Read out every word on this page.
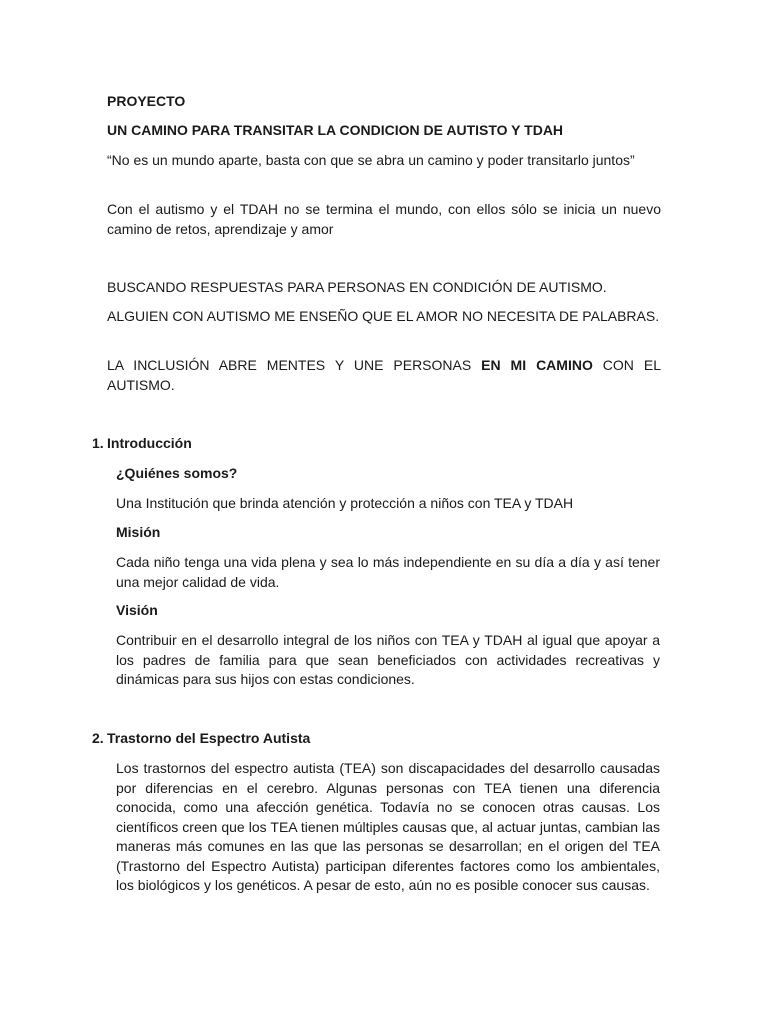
PROYECTO

UN CAMINO PARA TRANSITAR LA CONDICION DE AUTISTO Y TDAH

“No es un mundo aparte, basta con que se abra un camino y poder transitarlo juntos”

Con el autismo y el TDAH no se termina el mundo, con ellos sólo se inicia un nuevo camino de retos, aprendizaje y amor

BUSCANDO RESPUESTAS PARA PERSONAS EN CONDICIÓN DE AUTISMO.

ALGUIEN CON AUTISMO ME ENSEÑO QUE EL AMOR NO NECESITA DE PALABRAS.

LA INCLUSIÓN ABRE MENTES Y UNE PERSONAS EN MI CAMINO CON EL AUTISMO.

1. Introducción

¿Quiénes somos?

Una Institución que brinda atención y protección a niños con TEA y TDAH

Misión

Cada niño tenga una vida plena y sea lo más independiente en su día a día y así tener una mejor calidad de vida.

Visión

Contribuir en el desarrollo integral de los niños con TEA y TDAH al igual que apoyar a los padres de familia para que sean beneficiados con actividades recreativas y dinámicas para sus hijos con estas condiciones.

2. Trastorno del Espectro Autista

Los trastornos del espectro autista (TEA) son discapacidades del desarrollo causadas por diferencias en el cerebro. Algunas personas con TEA tienen una diferencia conocida, como una afección genética. Todavía no se conocen otras causas. Los científicos creen que los TEA tienen múltiples causas que, al actuar juntas, cambian las maneras más comunes en las que las personas se desarrollan; en el origen del TEA (Trastorno del Espectro Autista) participan diferentes factores como los ambientales, los biológicos y los genéticos. A pesar de esto, aún no es posible conocer sus causas.
